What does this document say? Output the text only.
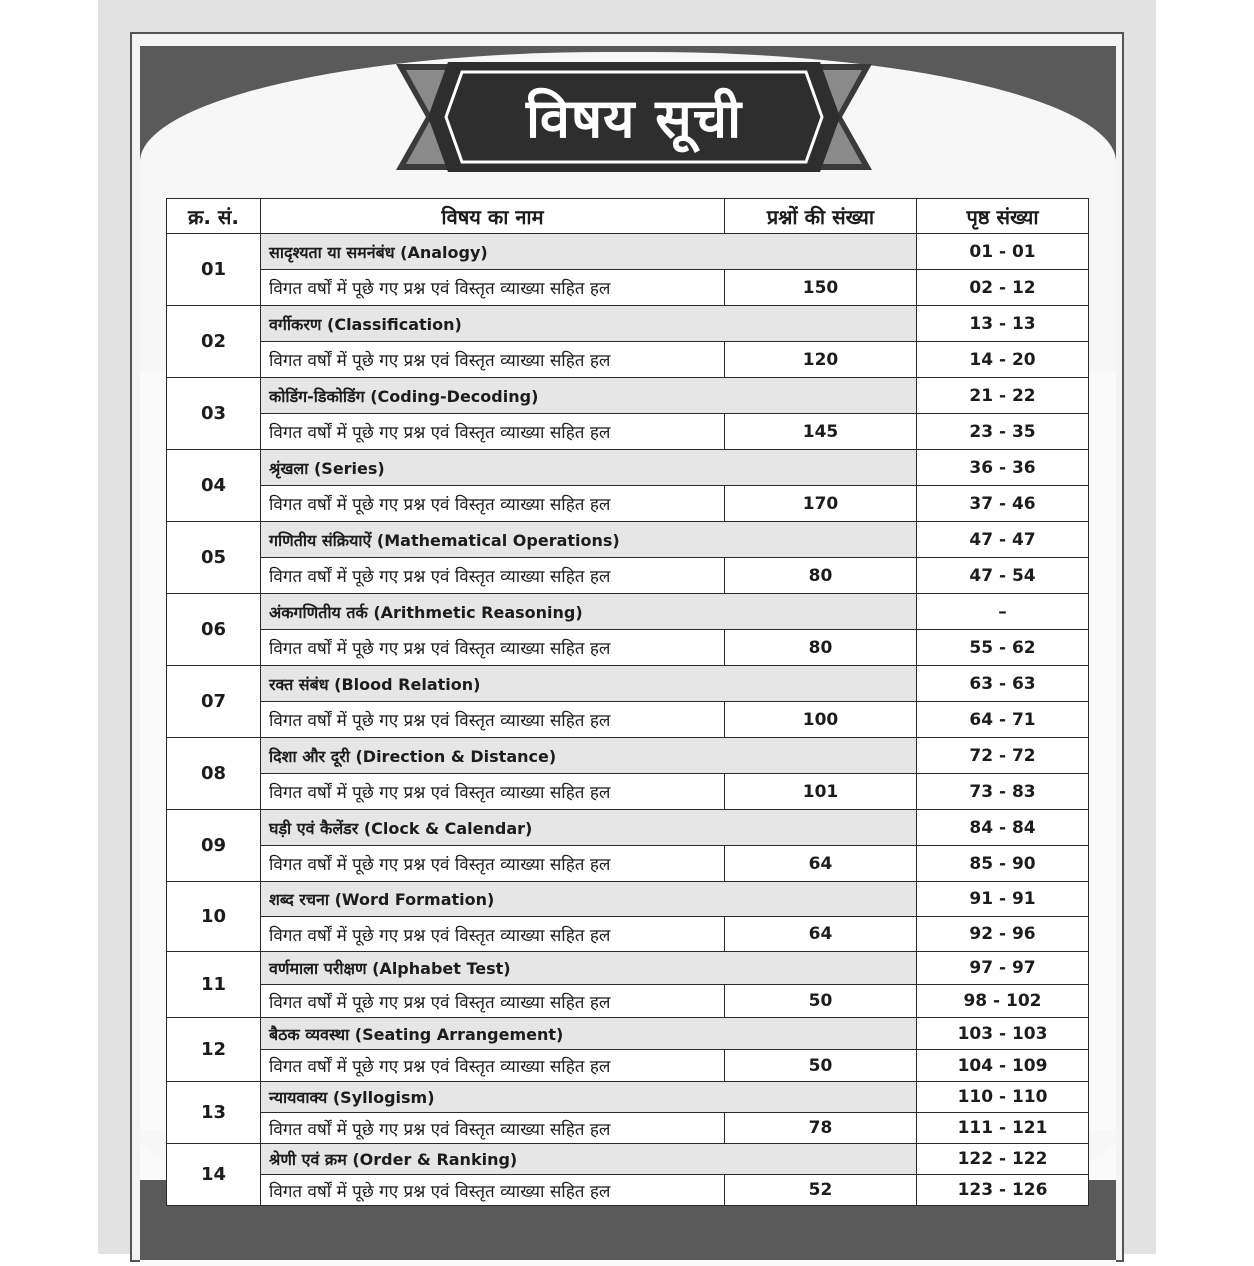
विषय सूची
क्र. सं.	विषय का नाम	प्रश्नों की संख्या	पृष्ठ संख्या
01	सादृश्यता या समनंबंध (Analogy)		01 - 01
	विगत वर्षों में पूछे गए प्रश्न एवं विस्तृत व्याख्या सहित हल	150	02 - 12
02	वर्गीकरण (Classification)		13 - 13
	विगत वर्षों में पूछे गए प्रश्न एवं विस्तृत व्याख्या सहित हल	120	14 - 20
03	कोडिंग-डिकोडिंग (Coding-Decoding)		21 - 22
	विगत वर्षों में पूछे गए प्रश्न एवं विस्तृत व्याख्या सहित हल	145	23 - 35
04	श्रृंखला (Series)		36 - 36
	विगत वर्षों में पूछे गए प्रश्न एवं विस्तृत व्याख्या सहित हल	170	37 - 46
05	गणितीय संक्रियाऐं (Mathematical Operations)		47 - 47
	विगत वर्षों में पूछे गए प्रश्न एवं विस्तृत व्याख्या सहित हल	80	47 - 54
06	अंकगणितीय तर्क (Arithmetic Reasoning)		–
	विगत वर्षों में पूछे गए प्रश्न एवं विस्तृत व्याख्या सहित हल	80	55 - 62
07	रक्त संबंध (Blood Relation)		63 - 63
	विगत वर्षों में पूछे गए प्रश्न एवं विस्तृत व्याख्या सहित हल	100	64 - 71
08	दिशा और दूरी (Direction & Distance)		72 - 72
	विगत वर्षों में पूछे गए प्रश्न एवं विस्तृत व्याख्या सहित हल	101	73 - 83
09	घड़ी एवं कैलेंडर (Clock & Calendar)		84 - 84
	विगत वर्षों में पूछे गए प्रश्न एवं विस्तृत व्याख्या सहित हल	64	85 - 90
10	शब्द रचना (Word Formation)		91 - 91
	विगत वर्षों में पूछे गए प्रश्न एवं विस्तृत व्याख्या सहित हल	64	92 - 96
11	वर्णमाला परीक्षण (Alphabet Test)		97 - 97
	विगत वर्षों में पूछे गए प्रश्न एवं विस्तृत व्याख्या सहित हल	50	98 - 102
12	बैठक व्यवस्था (Seating Arrangement)		103 - 103
	विगत वर्षों में पूछे गए प्रश्न एवं विस्तृत व्याख्या सहित हल	50	104 - 109
13	न्यायवाक्य (Syllogism)		110 - 110
	विगत वर्षों में पूछे गए प्रश्न एवं विस्तृत व्याख्या सहित हल	78	111 - 121
14	श्रेणी एवं क्रम (Order & Ranking)		122 - 122
	विगत वर्षों में पूछे गए प्रश्न एवं विस्तृत व्याख्या सहित हल	52	123 - 126
